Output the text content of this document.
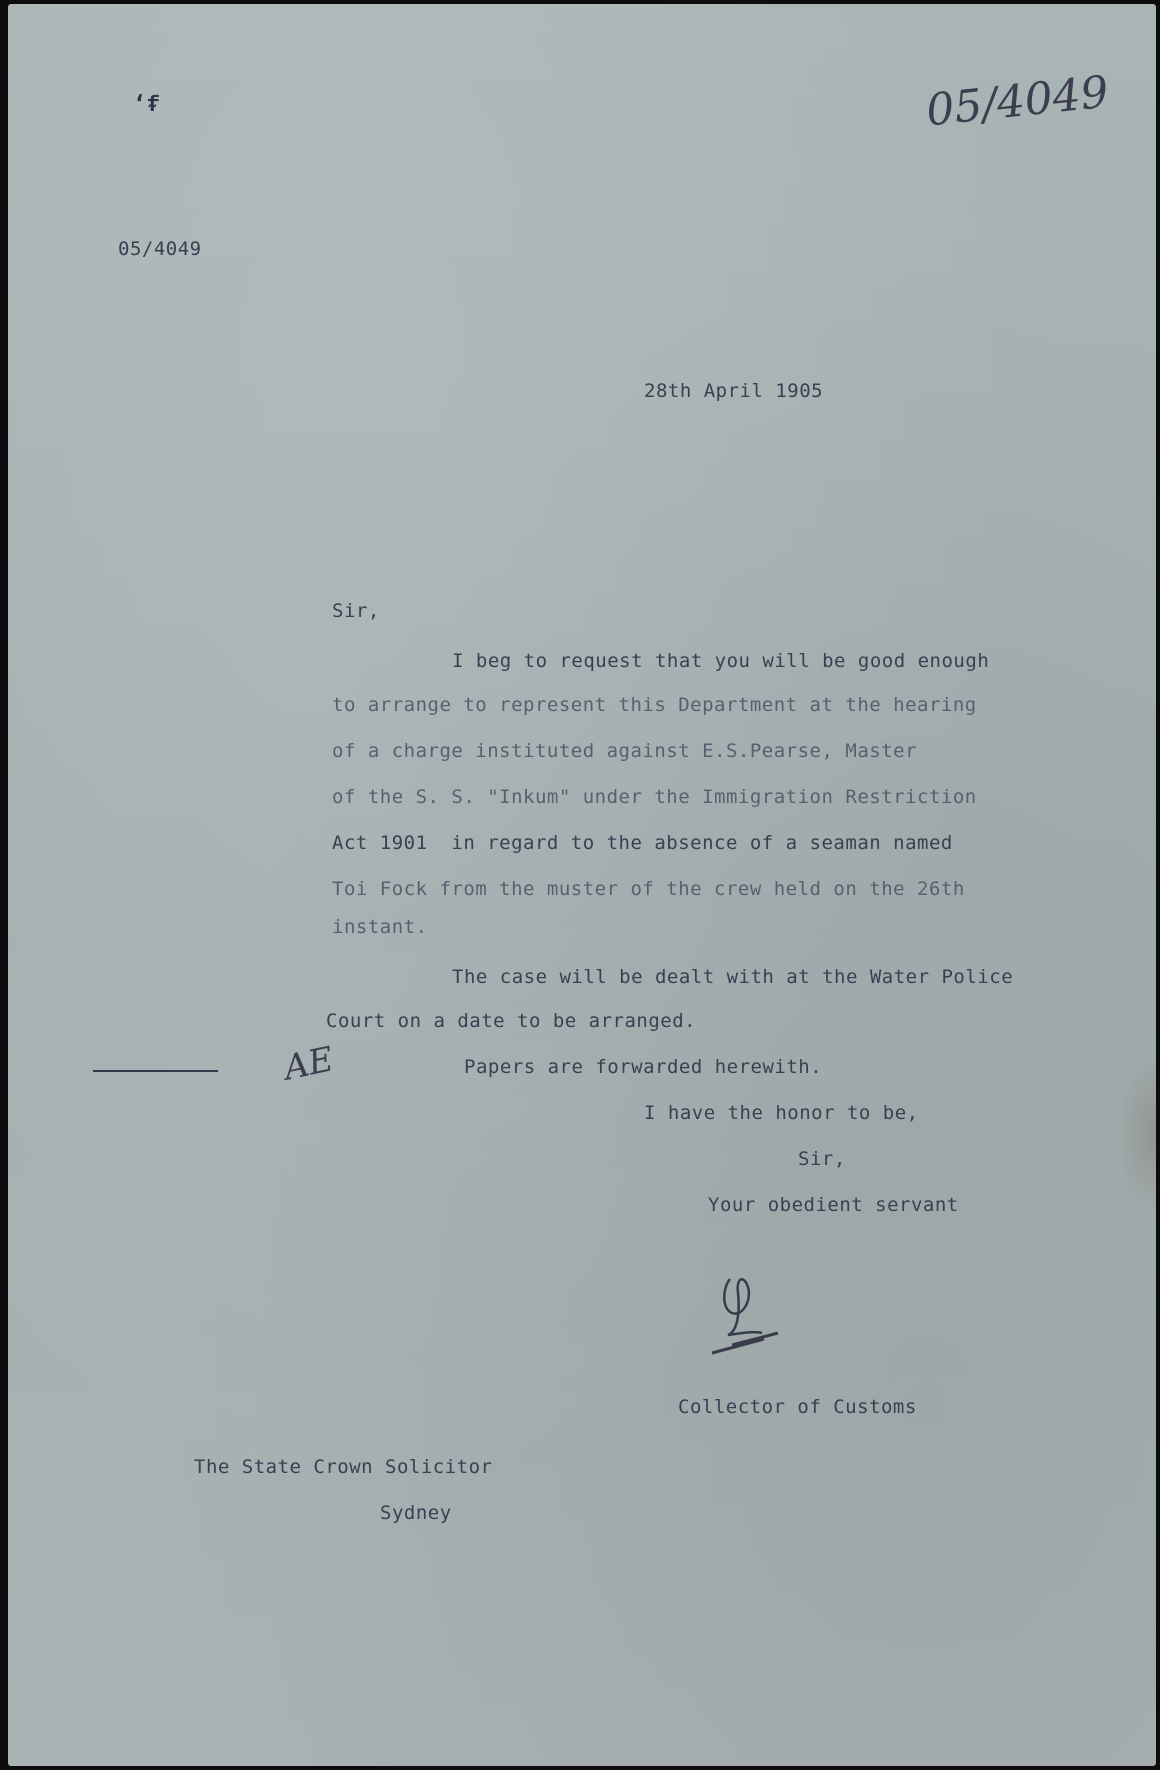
‘ᵮ	05/4049
05/4049
28th April 1905
Sir,
I beg to request that you will be good enough
to arrange to represent this Department at the hearing
of a charge instituted against E.S.Pearse, Master
of the S. S. "Inkum" under the Immigration Restriction
Act 1901  in regard to the absence of a seaman named
Toi Fock from the muster of the crew held on the 26th
instant.
The case will be dealt with at the Water Police
Court on a date to be arranged.
AE	Papers are forwarded herewith.
I have the honor to be,
Sir,
Your obedient servant
Collector of Customs
The State Crown Solicitor
Sydney
